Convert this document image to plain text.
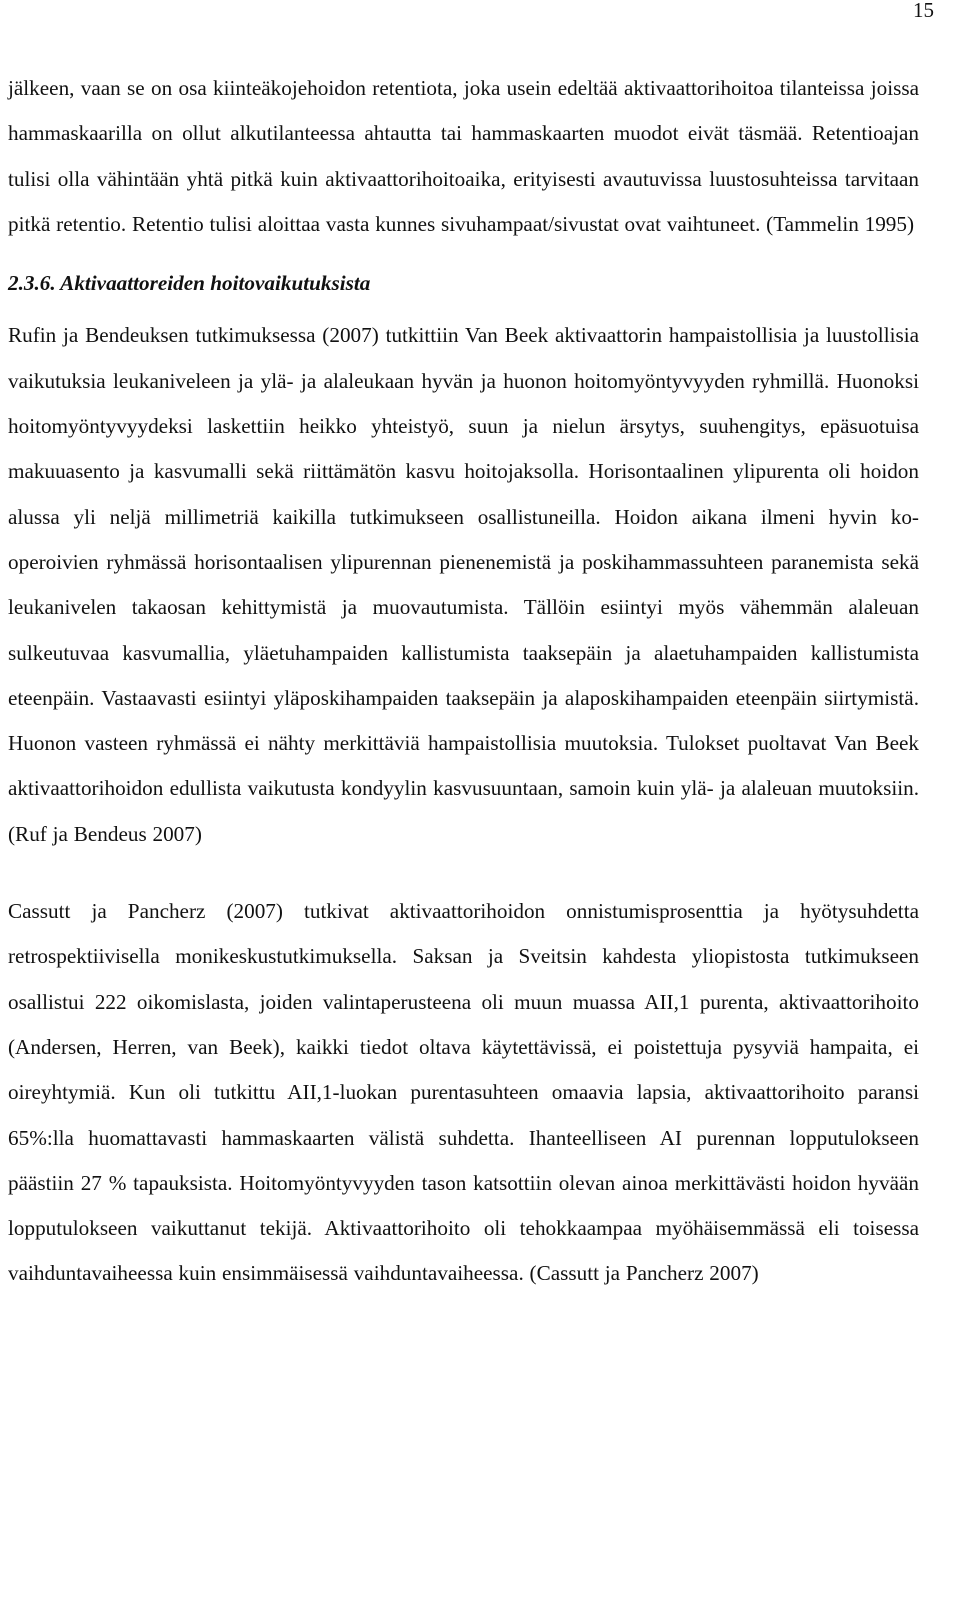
15

jälkeen, vaan se on osa kiinteäkojehoidon retentiota, joka usein edeltää aktivaattorihoitoa tilanteissa joissa hammaskaarilla on ollut alkutilanteessa ahtautta tai hammaskaarten muodot eivät täsmää. Retentioajan tulisi olla vähintään yhtä pitkä kuin aktivaattorihoitoaika, erityisesti avautuvissa luustosuhteissa tarvitaan pitkä retentio. Retentio tulisi aloittaa vasta kunnes sivuhampaat/sivustat ovat vaihtuneet. (Tammelin 1995)

2.3.6. Aktivaattoreiden hoitovaikutuksista

Rufin ja Bendeuksen tutkimuksessa (2007) tutkittiin Van Beek aktivaattorin hampaistollisia ja luustollisia vaikutuksia leukaniveleen ja ylä- ja alaleukaan hyvän ja huonon hoitomyöntyvyyden ryhmillä. Huonoksi hoitomyöntyvyydeksi laskettiin heikko yhteistyö, suun ja nielun ärsytys, suuhengitys, epäsuotuisa makuuasento ja kasvumalli sekä riittämätön kasvu hoitojaksolla. Horisontaalinen ylipurenta oli hoidon alussa yli neljä millimetriä kaikilla tutkimukseen osallistuneilla. Hoidon aikana ilmeni hyvin ko-operoivien ryhmässä horisontaalisen ylipurennan pienenemistä ja poskihammassuhteen paranemista sekä leukanivelen takaosan kehittymistä ja muovautumista. Tällöin esiintyi myös vähemmän alaleuan sulkeutuvaa kasvumallia, yläetuhampaiden kallistumista taaksepäin ja alaetuhampaiden kallistumista eteenpäin. Vastaavasti esiintyi yläposkihampaiden taaksepäin ja alaposkihampaiden eteenpäin siirtymistä. Huonon vasteen ryhmässä ei nähty merkittäviä hampaistollisia muutoksia. Tulokset puoltavat Van Beek aktivaattorihoidon edullista vaikutusta kondyylin kasvusuuntaan, samoin kuin ylä- ja alaleuan muutoksiin. (Ruf ja Bendeus 2007)

Cassutt ja Pancherz (2007) tutkivat aktivaattorihoidon onnistumisprosenttia ja hyötysuhdetta retrospektiivisella monikeskustutkimuksella. Saksan ja Sveitsin kahdesta yliopistosta tutkimukseen osallistui 222 oikomislasta, joiden valintaperusteena oli muun muassa AII,1 purenta, aktivaattorihoito (Andersen, Herren, van Beek), kaikki tiedot oltava käytettävissä, ei poistettuja pysyviä hampaita, ei oireyhtymiä. Kun oli tutkittu AII,1-luokan purentasuhteen omaavia lapsia, aktivaattorihoito paransi 65%:lla huomattavasti hammaskaarten välistä suhdetta. Ihanteelliseen AI purennan lopputulokseen päästiin 27 % tapauksista. Hoitomyöntyvyyden tason katsottiin olevan ainoa merkittävästi hoidon hyvään lopputulokseen vaikuttanut tekijä. Aktivaattorihoito oli tehokkaampaa myöhäisemmässä eli toisessa vaihduntavaiheessa kuin ensimmäisessä vaihduntavaiheessa. (Cassutt ja Pancherz 2007)
